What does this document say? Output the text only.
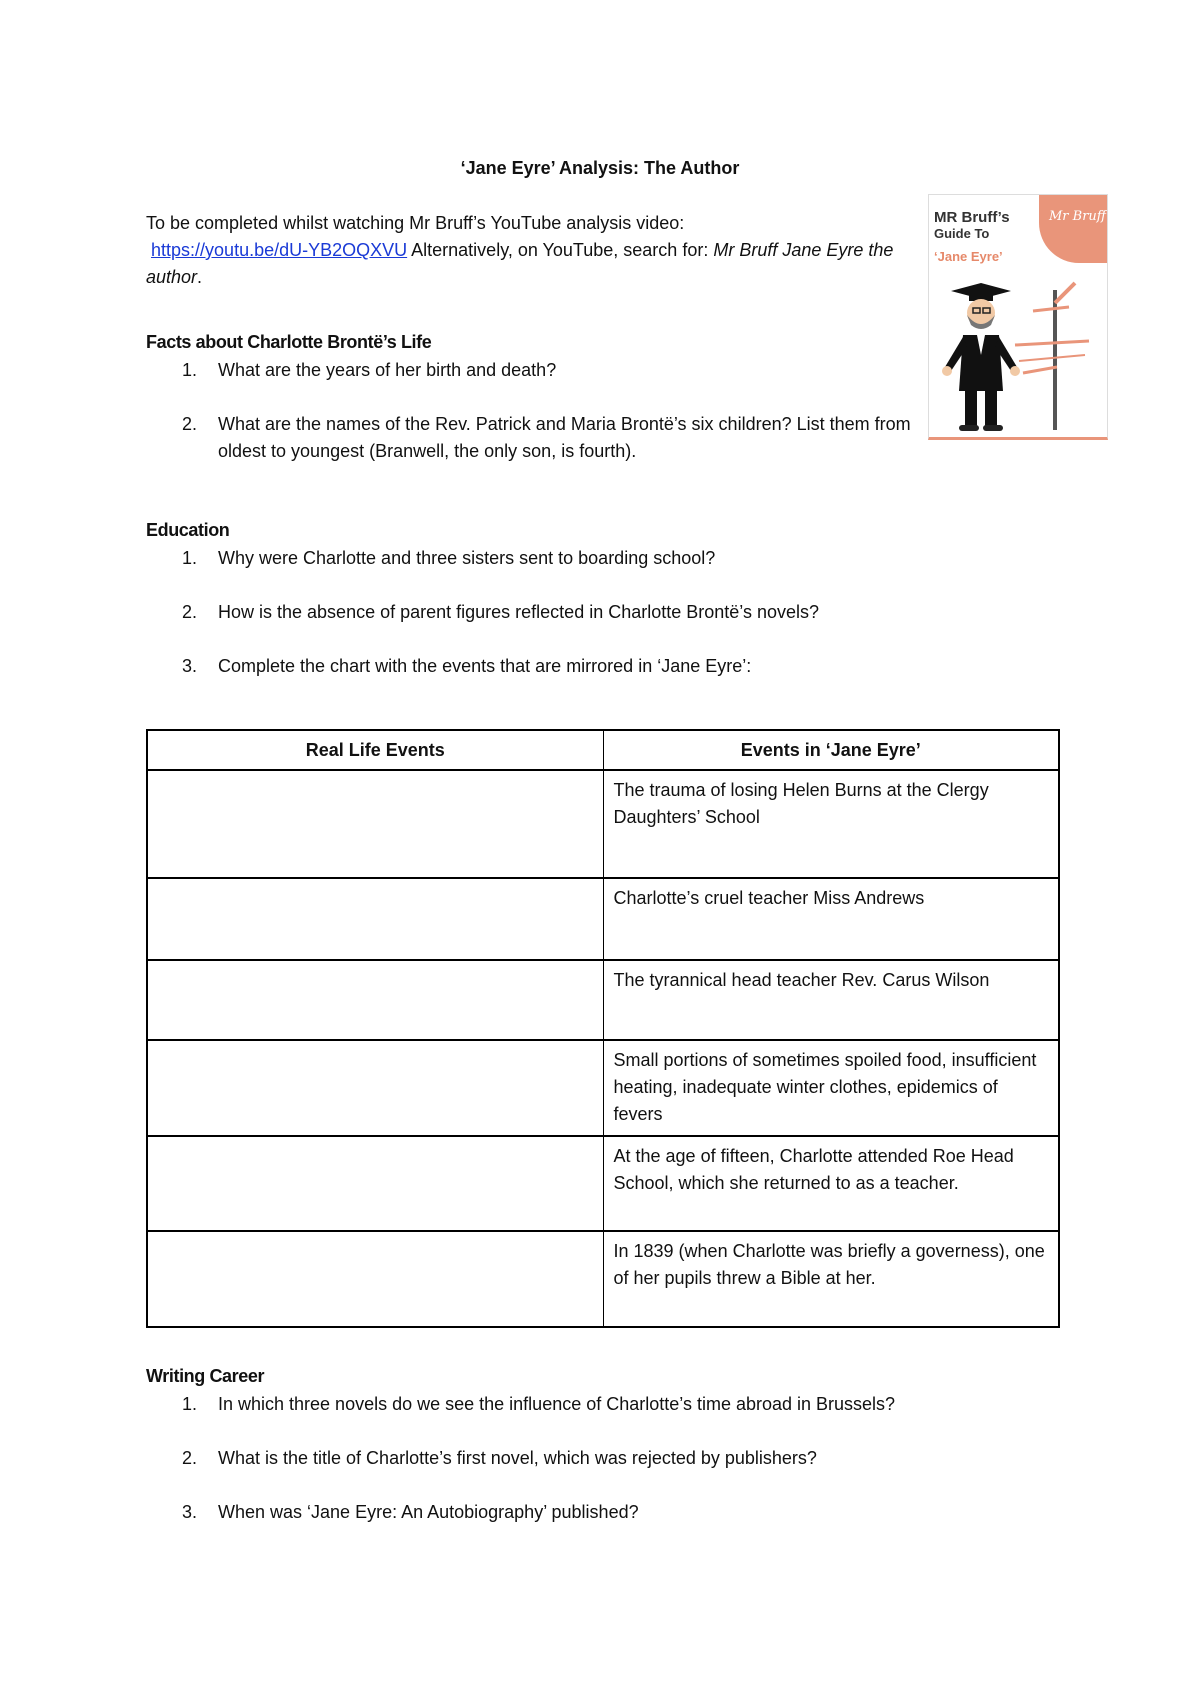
‘Jane Eyre’ Analysis: The Author
To be completed whilst watching Mr Bruff’s YouTube analysis video:
https://youtu.be/dU-YB2OQXVU Alternatively, on YouTube, search for: Mr Bruff Jane Eyre the author.
Mr Bruff
MR Bruff’s
Guide To
‘Jane Eyre’
Facts about Charlotte Brontë’s Life
1. What are the years of her birth and death?
2. What are the names of the Rev. Patrick and Maria Brontë’s six children? List them from oldest to youngest (Branwell, the only son, is fourth).
Education
1. Why were Charlotte and three sisters sent to boarding school?
2. How is the absence of parent figures reflected in Charlotte Brontë’s novels?
3. Complete the chart with the events that are mirrored in ‘Jane Eyre’:
Real Life Events	Events in ‘Jane Eyre’
	The trauma of losing Helen Burns at the Clergy Daughters’ School
	Charlotte’s cruel teacher Miss Andrews
	The tyrannical head teacher Rev. Carus Wilson
	Small portions of sometimes spoiled food, insufficient heating, inadequate winter clothes, epidemics of fevers
	At the age of fifteen, Charlotte attended Roe Head School, which she returned to as a teacher.
	In 1839 (when Charlotte was briefly a governess), one of her pupils threw a Bible at her.
Writing Career
1. In which three novels do we see the influence of Charlotte’s time abroad in Brussels?
2. What is the title of Charlotte’s first novel, which was rejected by publishers?
3. When was ‘Jane Eyre: An Autobiography’ published?
